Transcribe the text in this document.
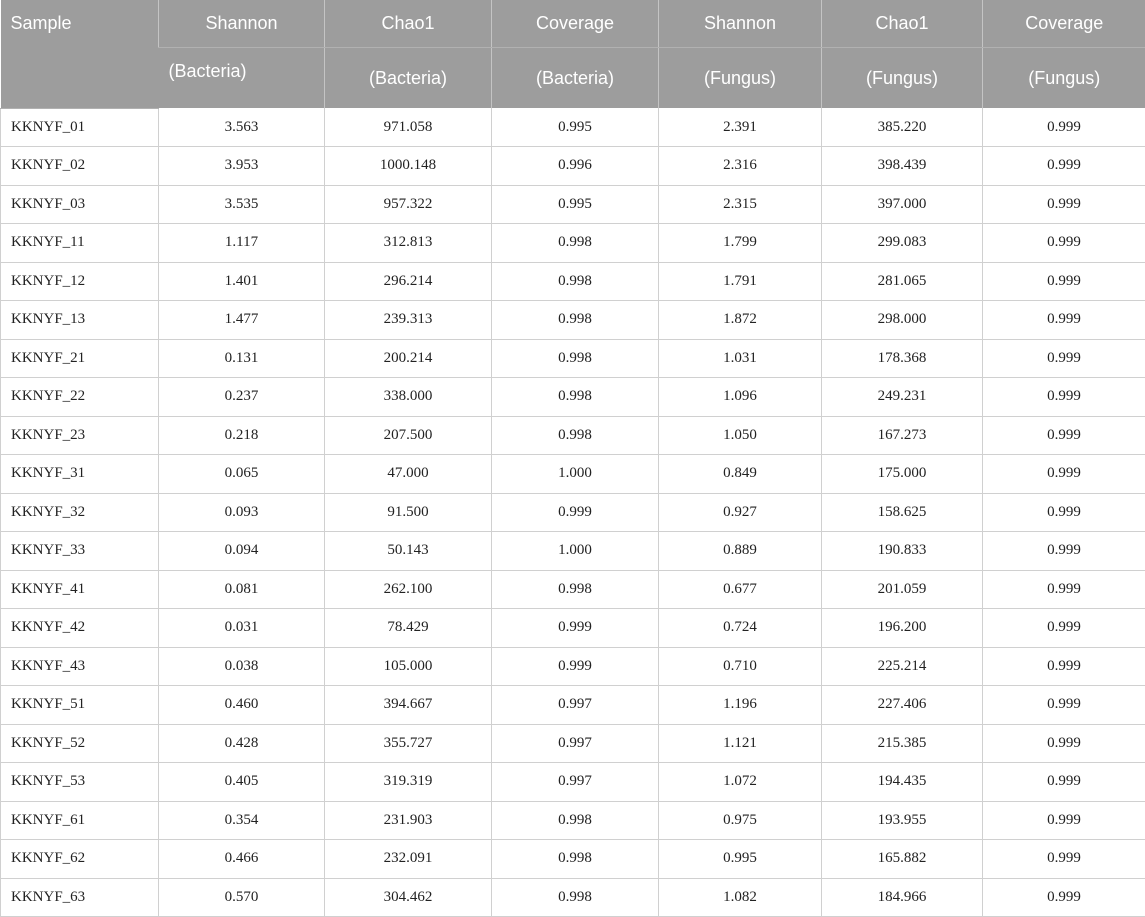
Sample	Shannon	Chao1	Coverage	Shannon	Chao1	Coverage
	(Bacteria)	(Bacteria)	(Bacteria)	(Fungus)	(Fungus)	(Fungus)
KKNYF_01	3.563	971.058	0.995	2.391	385.220	0.999
KKNYF_02	3.953	1000.148	0.996	2.316	398.439	0.999
KKNYF_03	3.535	957.322	0.995	2.315	397.000	0.999
KKNYF_11	1.117	312.813	0.998	1.799	299.083	0.999
KKNYF_12	1.401	296.214	0.998	1.791	281.065	0.999
KKNYF_13	1.477	239.313	0.998	1.872	298.000	0.999
KKNYF_21	0.131	200.214	0.998	1.031	178.368	0.999
KKNYF_22	0.237	338.000	0.998	1.096	249.231	0.999
KKNYF_23	0.218	207.500	0.998	1.050	167.273	0.999
KKNYF_31	0.065	47.000	1.000	0.849	175.000	0.999
KKNYF_32	0.093	91.500	0.999	0.927	158.625	0.999
KKNYF_33	0.094	50.143	1.000	0.889	190.833	0.999
KKNYF_41	0.081	262.100	0.998	0.677	201.059	0.999
KKNYF_42	0.031	78.429	0.999	0.724	196.200	0.999
KKNYF_43	0.038	105.000	0.999	0.710	225.214	0.999
KKNYF_51	0.460	394.667	0.997	1.196	227.406	0.999
KKNYF_52	0.428	355.727	0.997	1.121	215.385	0.999
KKNYF_53	0.405	319.319	0.997	1.072	194.435	0.999
KKNYF_61	0.354	231.903	0.998	0.975	193.955	0.999
KKNYF_62	0.466	232.091	0.998	0.995	165.882	0.999
KKNYF_63	0.570	304.462	0.998	1.082	184.966	0.999
